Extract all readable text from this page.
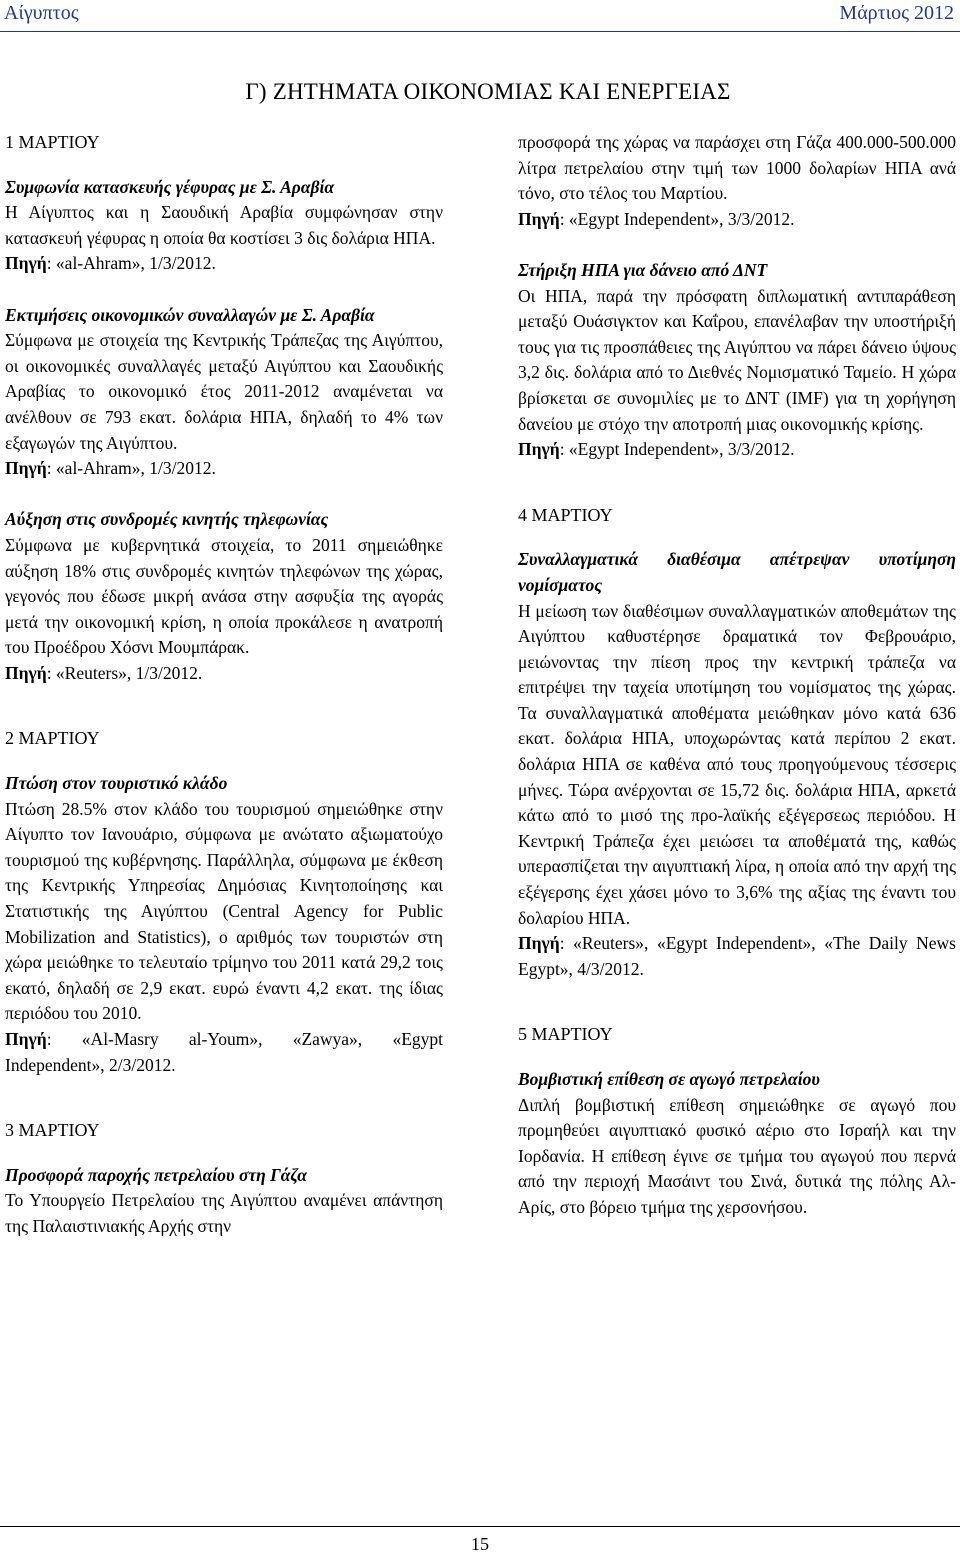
Αίγυπτος	Μάρτιος 2012
Γ) ΖΗΤΗΜΑΤΑ ΟΙΚΟΝΟΜΙΑΣ ΚΑΙ ΕΝΕΡΓΕΙΑΣ
1 ΜΑΡΤΙΟΥ

Συμφωνία κατασκευής γέφυρας με Σ. Αραβία

Η Αίγυπτος και η Σαουδική Αραβία συμφώνησαν στην κατασκευή γέφυρας η οποία θα κοστίσει 3 δις δολάρια ΗΠΑ.

Πηγή: «al-Ahram», 1/3/2012.

Εκτιμήσεις οικονομικών συναλλαγών με Σ. Αραβία

Σύμφωνα με στοιχεία της Κεντρικής Τράπεζας της Αιγύπτου, οι οικονομικές συναλλαγές μεταξύ Αιγύπτου και Σαουδικής Αραβίας το οικονομικό έτος 2011-2012 αναμένεται να ανέλθουν σε 793 εκατ. δολάρια ΗΠΑ, δηλαδή το 4% των εξαγωγών της Αιγύπτου.

Πηγή: «al-Ahram», 1/3/2012.

Αύξηση στις συνδρομές κινητής τηλεφωνίας

Σύμφωνα με κυβερνητικά στοιχεία, το 2011 σημειώθηκε αύξηση 18% στις συνδρομές κινητών τηλεφώνων της χώρας, γεγονός που έδωσε μικρή ανάσα στην ασφυξία της αγοράς μετά την οικονομική κρίση, η οποία προκάλεσε η ανατροπή του Προέδρου Χόσνι Μουμπάρακ.

Πηγή: «Reuters», 1/3/2012.

2 ΜΑΡΤΙΟΥ

Πτώση στον τουριστικό κλάδο

Πτώση 28.5% στον κλάδο του τουρισμού σημειώθηκε στην Αίγυπτο τον Ιανουάριο, σύμφωνα με ανώτατο αξιωματούχο τουρισμού της κυβέρνησης. Παράλληλα, σύμφωνα με έκθεση της Κεντρικής Υπηρεσίας Δημόσιας Κινητοποίησης και Στατιστικής της Αιγύπτου (Central Agency for Public Mobilization and Statistics), ο αριθμός των τουριστών στη χώρα μειώθηκε το τελευταίο τρίμηνο του 2011 κατά 29,2 τοις εκατό, δηλαδή σε 2,9 εκατ. ευρώ έναντι 4,2 εκατ. της ίδιας περιόδου του 2010.

Πηγή: «Al-Masry al-Youm», «Zawya», «Egypt Independent», 2/3/2012.

3 ΜΑΡΤΙΟΥ

Προσφορά παροχής πετρελαίου στη Γάζα

Το Υπουργείο Πετρελαίου της Αιγύπτου αναμένει απάντηση της Παλαιστινιακής Αρχής στην

προσφορά της χώρας να παράσχει στη Γάζα 400.000-500.000 λίτρα πετρελαίου στην τιμή των 1000 δολαρίων ΗΠΑ ανά τόνο, στο τέλος του Μαρτίου.

Πηγή: «Egypt Independent», 3/3/2012.

Στήριξη ΗΠΑ για δάνειο από ΔΝΤ

Οι ΗΠΑ, παρά την πρόσφατη διπλωματική αντιπαράθεση μεταξύ Ουάσιγκτον και Καΐρου, επανέλαβαν την υποστήριξή τους για τις προσπάθειες της Αιγύπτου να πάρει δάνειο ύψους 3,2 δις. δολάρια από το Διεθνές Νομισματικό Ταμείο. Η χώρα βρίσκεται σε συνομιλίες με το ΔΝΤ (IMF) για τη χορήγηση δανείου με στόχο την αποτροπή μιας οικονομικής κρίσης.

Πηγή: «Egypt Independent», 3/3/2012.

4 ΜΑΡΤΙΟΥ

Συναλλαγματικά διαθέσιμα απέτρεψαν υποτίμηση νομίσματος

Η μείωση των διαθέσιμων συναλλαγματικών αποθεμάτων της Αιγύπτου καθυστέρησε δραματικά τον Φεβρουάριο, μειώνοντας την πίεση προς την κεντρική τράπεζα να επιτρέψει την ταχεία υποτίμηση του νομίσματος της χώρας. Τα συναλλαγματικά αποθέματα μειώθηκαν μόνο κατά 636 εκατ. δολάρια ΗΠΑ, υποχωρώντας κατά περίπου 2 εκατ. δολάρια ΗΠΑ σε καθένα από τους προηγούμενους τέσσερις μήνες. Τώρα ανέρχονται σε 15,72 δις. δολάρια ΗΠΑ, αρκετά κάτω από το μισό της προ-λαϊκής εξέγερσεως περιόδου. Η Κεντρική Τράπεζα έχει μειώσει τα αποθέματά της, καθώς υπερασπίζεται την αιγυπτιακή λίρα, η οποία από την αρχή της εξέγερσης έχει χάσει μόνο το 3,6% της αξίας της έναντι του δολαρίου ΗΠΑ.

Πηγή: «Reuters», «Egypt Independent», «The Daily News Egypt», 4/3/2012.

5 ΜΑΡΤΙΟΥ

Βομβιστική επίθεση σε αγωγό πετρελαίου

Διπλή βομβιστική επίθεση σημειώθηκε σε αγωγό που προμηθεύει αιγυπτιακό φυσικό αέριο στο Ισραήλ και την Ιορδανία. Η επίθεση έγινε σε τμήμα του αγωγού που περνά από την περιοχή Μασάιντ του Σινά, δυτικά της πόλης Αλ-Αρίς, στο βόρειο τμήμα της χερσονήσου.

15
